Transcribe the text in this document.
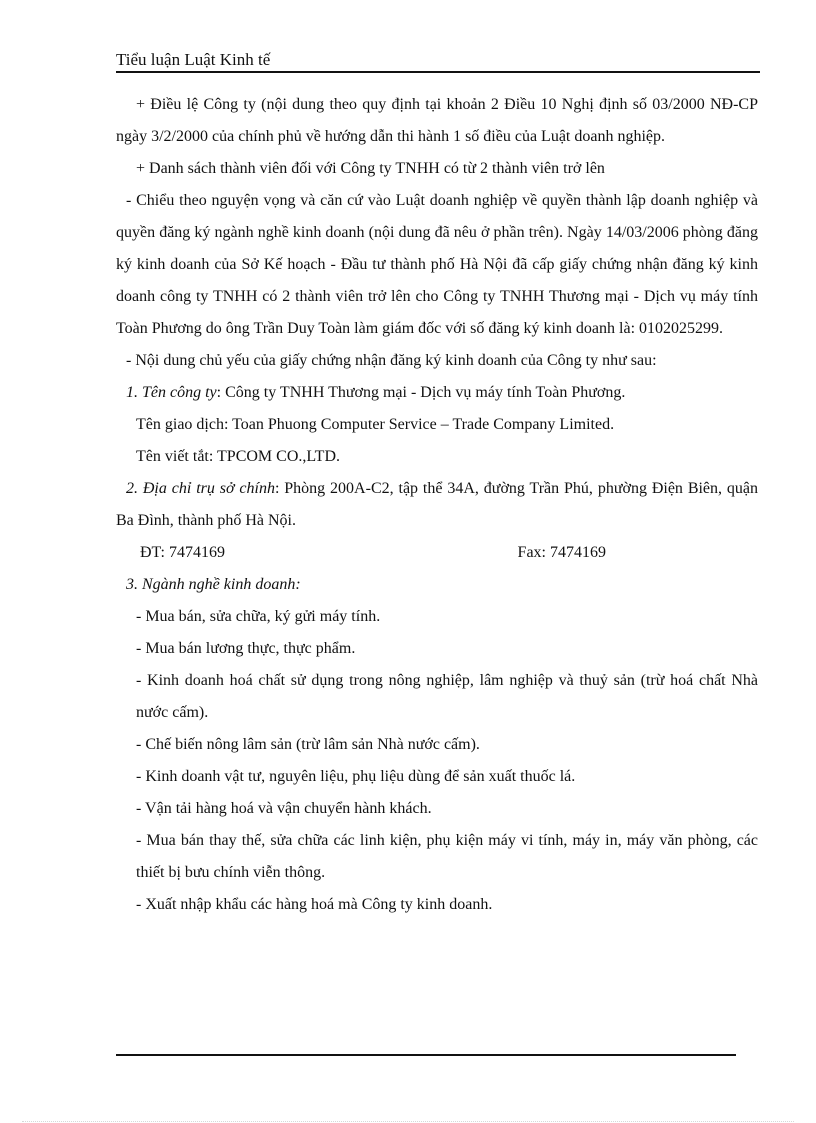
Tiểu luận Luật Kinh tế

+ Điều lệ Công ty (nội dung theo quy định tại khoản 2 Điều 10 Nghị định số 03/2000 NĐ-CP ngày 3/2/2000 của chính phủ về hướng dẫn thi hành 1 số điều của Luật doanh nghiệp.

+ Danh sách thành viên đối với Công ty TNHH có từ 2 thành viên trở lên

- Chiểu theo nguyện vọng và căn cứ vào Luật doanh nghiệp về quyền thành lập doanh nghiệp và quyền đăng ký ngành nghề kinh doanh (nội dung đã nêu ở phần trên). Ngày 14/03/2006 phòng đăng ký kinh doanh của Sở Kế hoạch - Đầu tư thành phố Hà Nội đã cấp giấy chứng nhận đăng ký kinh doanh công ty TNHH có 2 thành viên trở lên cho Công ty TNHH Thương mại - Dịch vụ máy tính Toàn Phương do ông Trần Duy Toàn làm giám đốc với số đăng ký kinh doanh là: 0102025299.

- Nội dung chủ yếu của giấy chứng nhận đăng ký kinh doanh của Công ty như sau:

1. Tên công ty: Công ty TNHH Thương mại - Dịch vụ máy tính Toàn Phương.

Tên giao dịch: Toan Phuong Computer Service – Trade Company Limited.

Tên viết tắt: TPCOM CO.,LTD.

2. Địa chỉ trụ sở chính: Phòng 200A-C2, tập thể 34A, đường Trần Phú, phường Điện Biên, quận Ba Đình, thành phố Hà Nội.

ĐT: 7474169	Fax: 7474169

3. Ngành nghề kinh doanh:

- Mua bán, sửa chữa, ký gửi máy tính.

- Mua bán lương thực, thực phẩm.

- Kinh doanh hoá chất sử dụng trong nông nghiệp, lâm nghiệp và thuỷ sản (trừ hoá chất Nhà nước cấm).

- Chế biến nông lâm sản (trừ lâm sản Nhà nước cấm).

- Kinh doanh vật tư, nguyên liệu, phụ liệu dùng để sản xuất thuốc lá.

- Vận tải hàng hoá và vận chuyển hành khách.

- Mua bán thay thế, sửa chữa các linh kiện, phụ kiện máy vi tính, máy in, máy văn phòng, các thiết bị bưu chính viễn thông.

- Xuất nhập khẩu các hàng hoá mà Công ty kinh doanh.
